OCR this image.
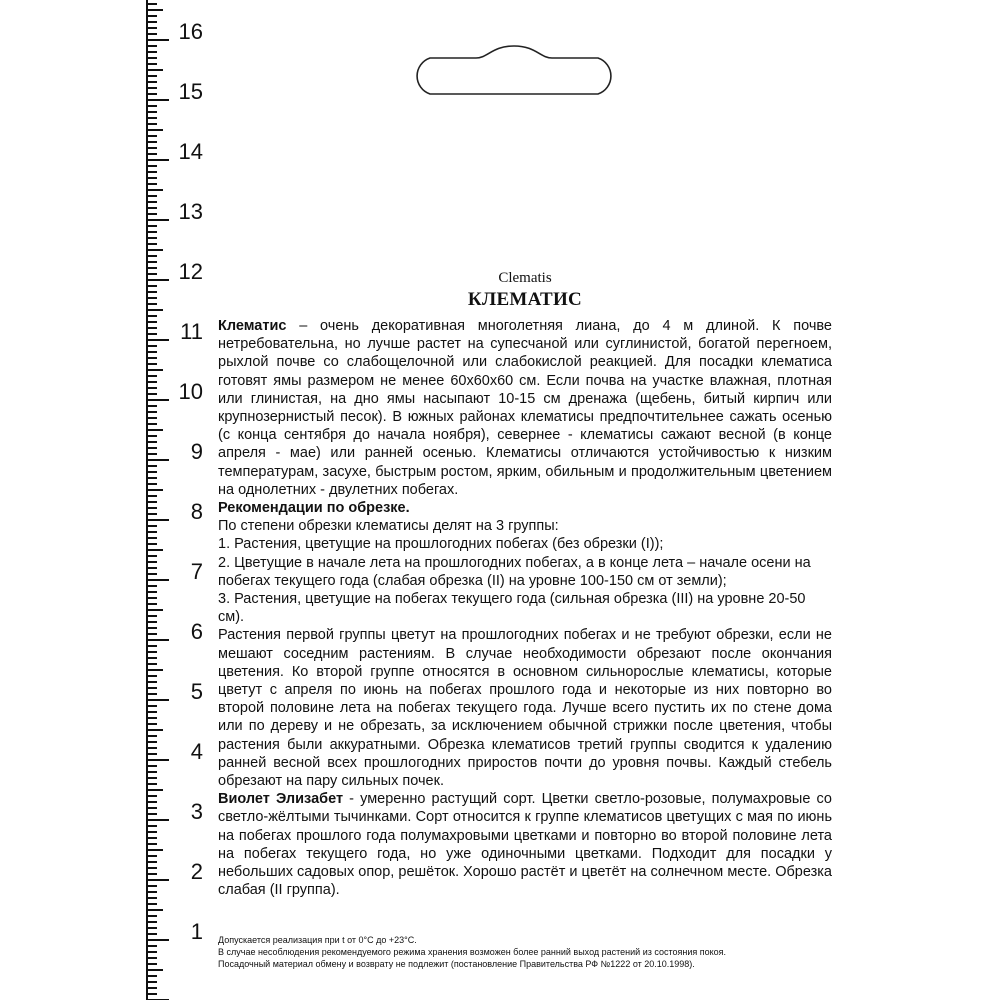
16
15
14
13
12
11
10
9
8
7
6
5
4
3
2
1

Clematis

КЛЕМАТИС

Клематис – очень декоративная многолетняя лиана, до 4 м длиной. К почве нетребовательна, но лучше растет на супесчаной или суглинистой, богатой перегноем, рыхлой почве со слабощелочной или слабокислой реакцией. Для посадки клематиса готовят ямы размером не менее 60х60х60 см. Если почва на участке влажная, плотная или глинистая, на дно ямы насыпают 10-15 см дренажа (щебень, битый кирпич или крупнозернистый песок). В южных районах клематисы предпочтительнее сажать осенью (с конца сентября до начала ноября), севернее - клематисы сажают весной (в конце апреля - мае) или ранней осенью. Клематисы отличаются устойчивостью к низким температурам, засухе, быстрым ростом, ярким, обильным и продолжительным цветением на однолетних - двулетних побегах.

Рекомендации по обрезке.

По степени обрезки клематисы делят на 3 группы:

1. Растения, цветущие на прошлогодних побегах (без обрезки (I));

2. Цветущие в начале лета на прошлогодних побегах, а в конце лета – начале осени на побегах текущего года (слабая обрезка (II) на уровне 100-150 см от земли);

3. Растения, цветущие на побегах текущего года (сильная обрезка (III) на уровне 20-50 см).

Растения первой группы цветут на прошлогодних побегах и не требуют обрезки, если не мешают соседним растениям. В случае необходимости обрезают после окончания цветения. Ко второй группе относятся в основном сильнорослые клематисы, которые цветут с апреля по июнь на побегах прошлого года и некоторые из них повторно во второй половине лета на побегах текущего года. Лучше всего пустить их по стене дома или по дереву и не обрезать, за исключением обычной стрижки после цветения, чтобы растения были аккуратными. Обрезка клематисов третий группы сводится к удалению ранней весной всех прошлогодних приростов почти до уровня почвы. Каждый стебель обрезают на пару сильных почек.

Виолет Элизабет - умеренно растущий сорт. Цветки светло-розовые, полумахровые со светло-жёлтыми тычинками. Сорт относится к группе клематисов цветущих с мая по июнь на побегах прошлого года полумахровыми цветками и повторно во второй половине лета на побегах текущего года, но уже одиночными цветками. Подходит для посадки у небольших садовых опор, решёток. Хорошо растёт и цветёт на солнечном месте. Обрезка слабая (II группа).

Допускается реализация при t от 0°С до +23°С.
В случае несоблюдения рекомендуемого режима хранения возможен более ранний выход растений из состояния покоя.
Посадочный материал обмену и возврату не подлежит (постановление Правительства РФ №1222 от 20.10.1998).
